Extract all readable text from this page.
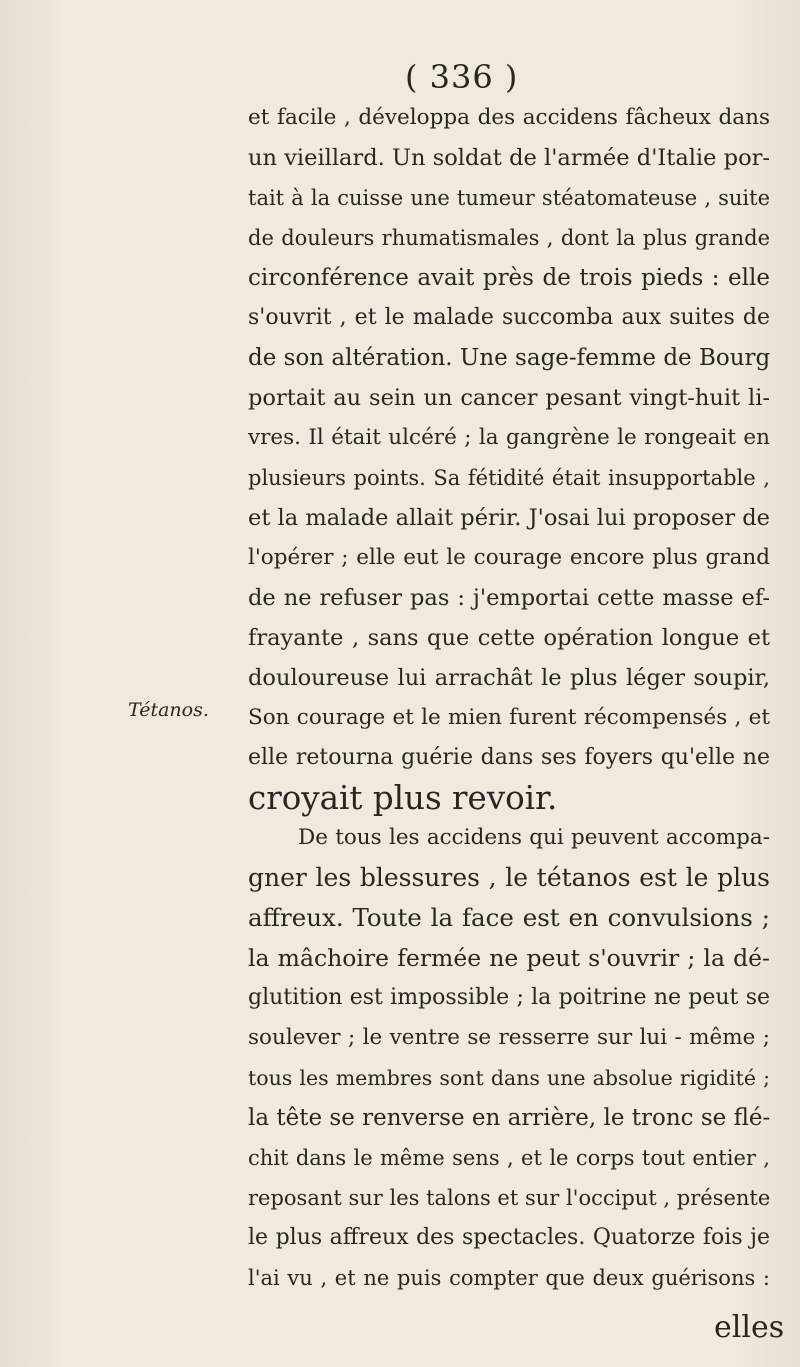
( 336 )
Tétanos.
et facile , développa des accidens fâcheux dans
un vieillard. Un soldat de l'armée d'Italie por-
tait à la cuisse une tumeur stéatomateuse , suite
de douleurs rhumatismales , dont la plus grande
circonférence avait près de trois pieds : elle
s'ouvrit , et le malade succomba aux suites de
de son altération. Une sage-femme de Bourg
portait au sein un cancer pesant vingt-huit li-
vres. Il était ulcéré ; la gangrène le rongeait en
plusieurs points. Sa fétidité était insupportable ,
et la malade allait périr. J'osai lui proposer de
l'opérer ; elle eut le courage encore plus grand
de ne refuser pas : j'emportai cette masse ef-
frayante , sans que cette opération longue et
douloureuse lui arrachât le plus léger soupir,
Son courage et le mien furent récompensés , et
elle retourna guérie dans ses foyers qu'elle ne
croyait plus revoir.
De tous les accidens qui peuvent accompa-
gner les blessures , le tétanos est le plus
affreux. Toute la face est en convulsions ;
la mâchoire fermée ne peut s'ouvrir ; la dé-
glutition est impossible ; la poitrine ne peut se
soulever ; le ventre se resserre sur lui - même ;
tous les membres sont dans une absolue rigidité ;
la tête se renverse en arrière, le tronc se flé-
chit dans le même sens , et le corps tout entier ,
reposant sur les talons et sur l'occiput , présente
le plus affreux des spectacles. Quatorze fois je
l'ai vu , et ne puis compter que deux guérisons :
elles
